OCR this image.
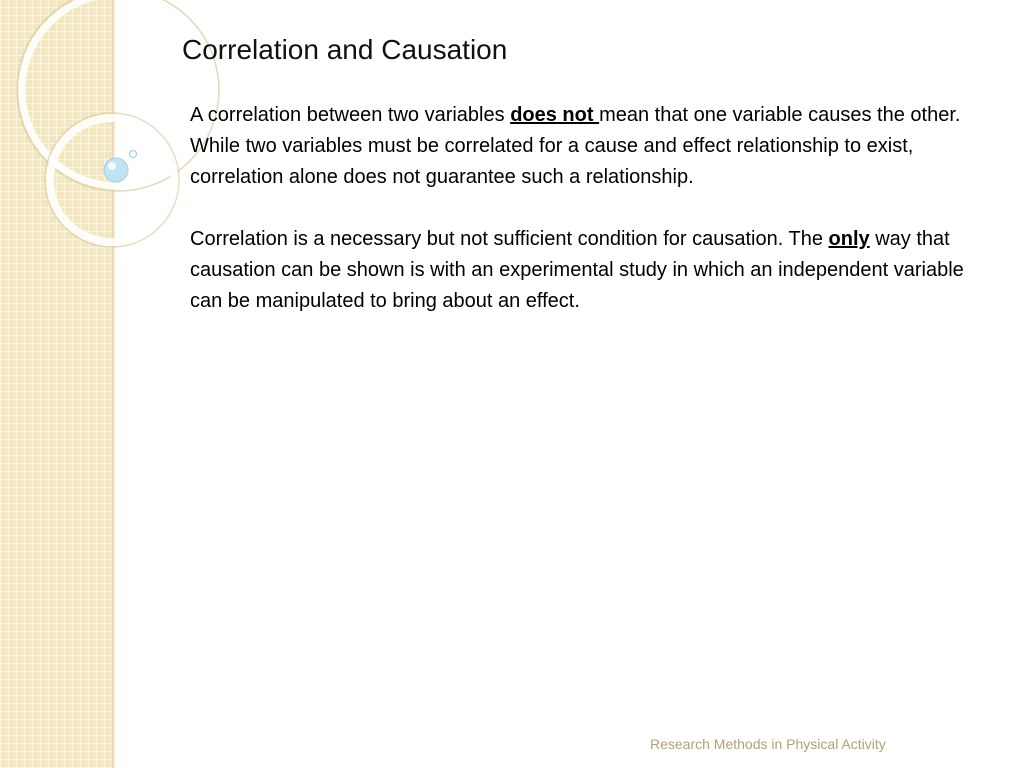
Correlation and Causation

A correlation between two variables does not mean that one variable causes the other. While two variables must be correlated for a cause and effect relationship to exist, correlation alone does not guarantee such a relationship.

Correlation is a necessary but not sufficient condition for causation. The only way that causation can be shown is with an experimental study in which an independent variable can be manipulated to bring about an effect.

Research Methods in Physical Activity
